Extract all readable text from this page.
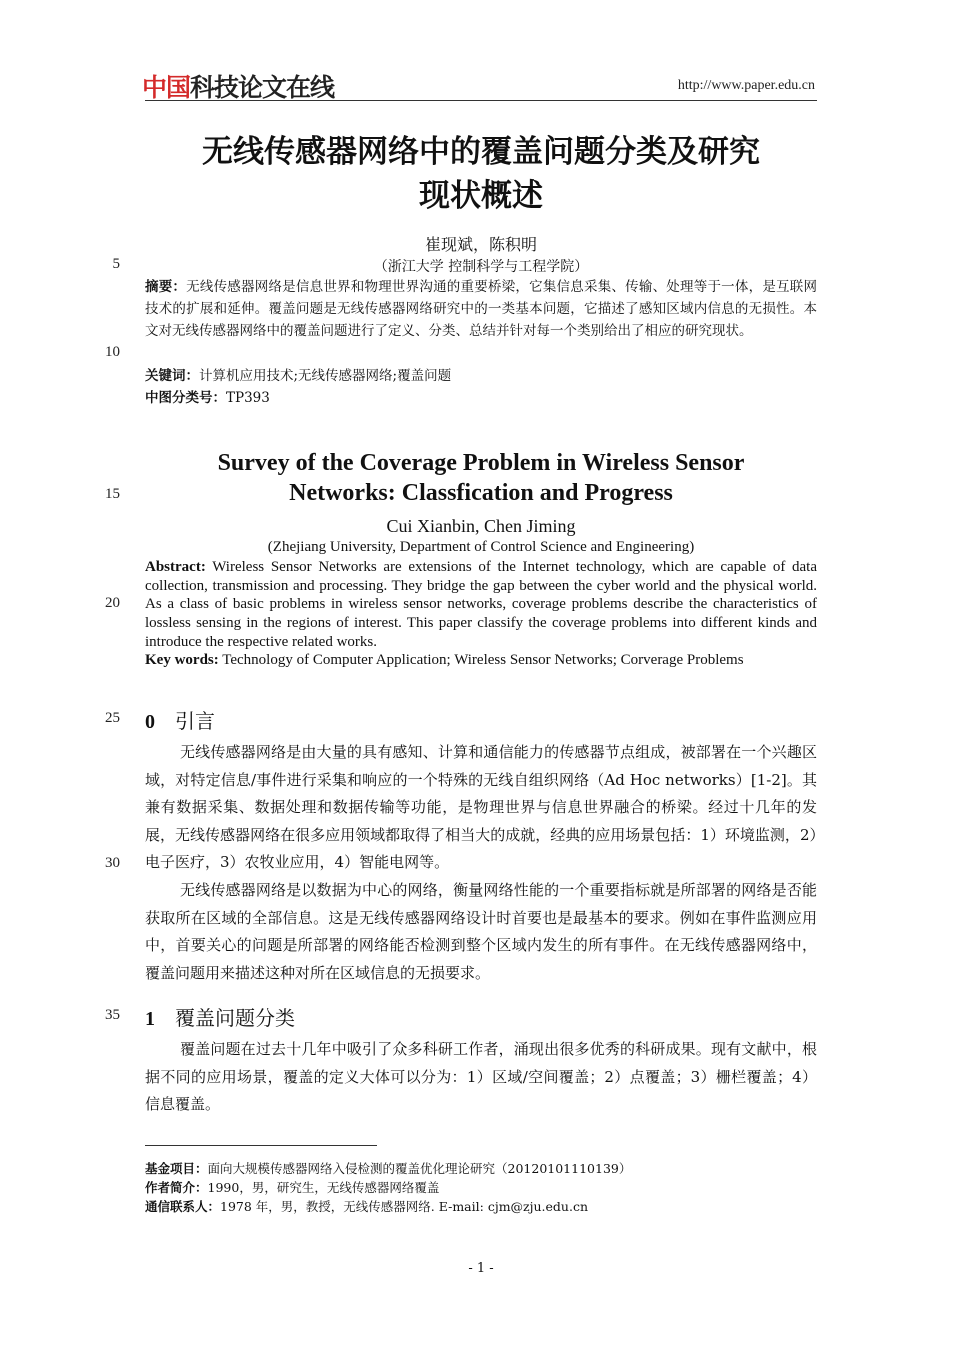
中国科技论文在线	http://www.paper.edu.cn
无线传感器网络中的覆盖问题分类及研究
现状概述
崔现斌，陈积明
（浙江大学 控制科学与工程学院）
5
10
15
20
25
30
35
摘要：无线传感器网络是信息世界和物理世界沟通的重要桥梁，它集信息采集、传输、处理等于一体，是互联网技术的扩展和延伸。覆盖问题是无线传感器网络研究中的一类基本问题，它描述了感知区域内信息的无损性。本文对无线传感器网络中的覆盖问题进行了定义、分类、总结并针对每一个类别给出了相应的研究现状。
关键词：计算机应用技术;无线传感器网络;覆盖问题
中图分类号：TP393
Survey of the Coverage Problem in Wireless Sensor
Networks: Classfication and Progress
Cui Xianbin, Chen Jiming
(Zhejiang University, Department of Control Science and Engineering)
Abstract: Wireless Sensor Networks are extensions of the Internet technology, which are capable of data collection, transmission and processing. They bridge the gap between the cyber world and the physical world. As a class of basic problems in wireless sensor networks, coverage problems describe the characteristics of lossless sensing in the regions of interest. This paper classify the coverage problems into different kinds and introduce the respective related works.
Key words: Technology of Computer Application; Wireless Sensor Networks; Corverage Problems
0 引言
无线传感器网络是由大量的具有感知、计算和通信能力的传感器节点组成，被部署在一个兴趣区域，对特定信息/事件进行采集和响应的一个特殊的无线自组织网络（Ad Hoc networks）[1-2]。其兼有数据采集、数据处理和数据传输等功能，是物理世界与信息世界融合的桥梁。经过十几年的发展，无线传感器网络在很多应用领域都取得了相当大的成就，经典的应用场景包括：1）环境监测，2）电子医疗，3）农牧业应用，4）智能电网等。
无线传感器网络是以数据为中心的网络，衡量网络性能的一个重要指标就是所部署的网络是否能获取所在区域的全部信息。这是无线传感器网络设计时首要也是最基本的要求。例如在事件监测应用中，首要关心的问题是所部署的网络能否检测到整个区域内发生的所有事件。在无线传感器网络中，覆盖问题用来描述这种对所在区域信息的无损要求。
1 覆盖问题分类
覆盖问题在过去十几年中吸引了众多科研工作者，涌现出很多优秀的科研成果。现有文献中，根据不同的应用场景，覆盖的定义大体可以分为：1）区域/空间覆盖；2）点覆盖；3）栅栏覆盖；4）信息覆盖。
基金项目：面向大规模传感器网络入侵检测的覆盖优化理论研究（20120101110139）
作者简介：1990，男，研究生，无线传感器网络覆盖
通信联系人：1978 年，男，教授，无线传感器网络. E-mail: cjm@zju.edu.cn
- 1 -
